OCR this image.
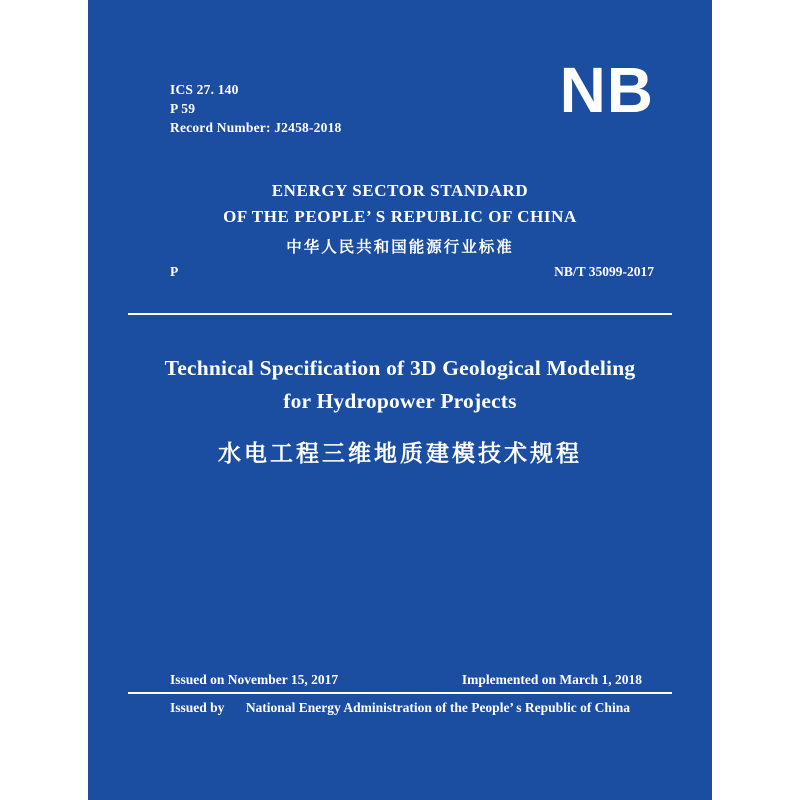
ICS 27. 140
P 59
Record Number: J2458-2018
NB
ENERGY SECTOR STANDARD
OF THE PEOPLE’ S REPUBLIC OF CHINA
中华人民共和国能源行业标准
P	NB/T 35099-2017
Technical Specification of 3D Geological Modeling
for Hydropower Projects
水电工程三维地质建模技术规程
Issued on November 15, 2017	Implemented on March 1, 2018
Issued by National Energy Administration of the People’ s Republic of China
